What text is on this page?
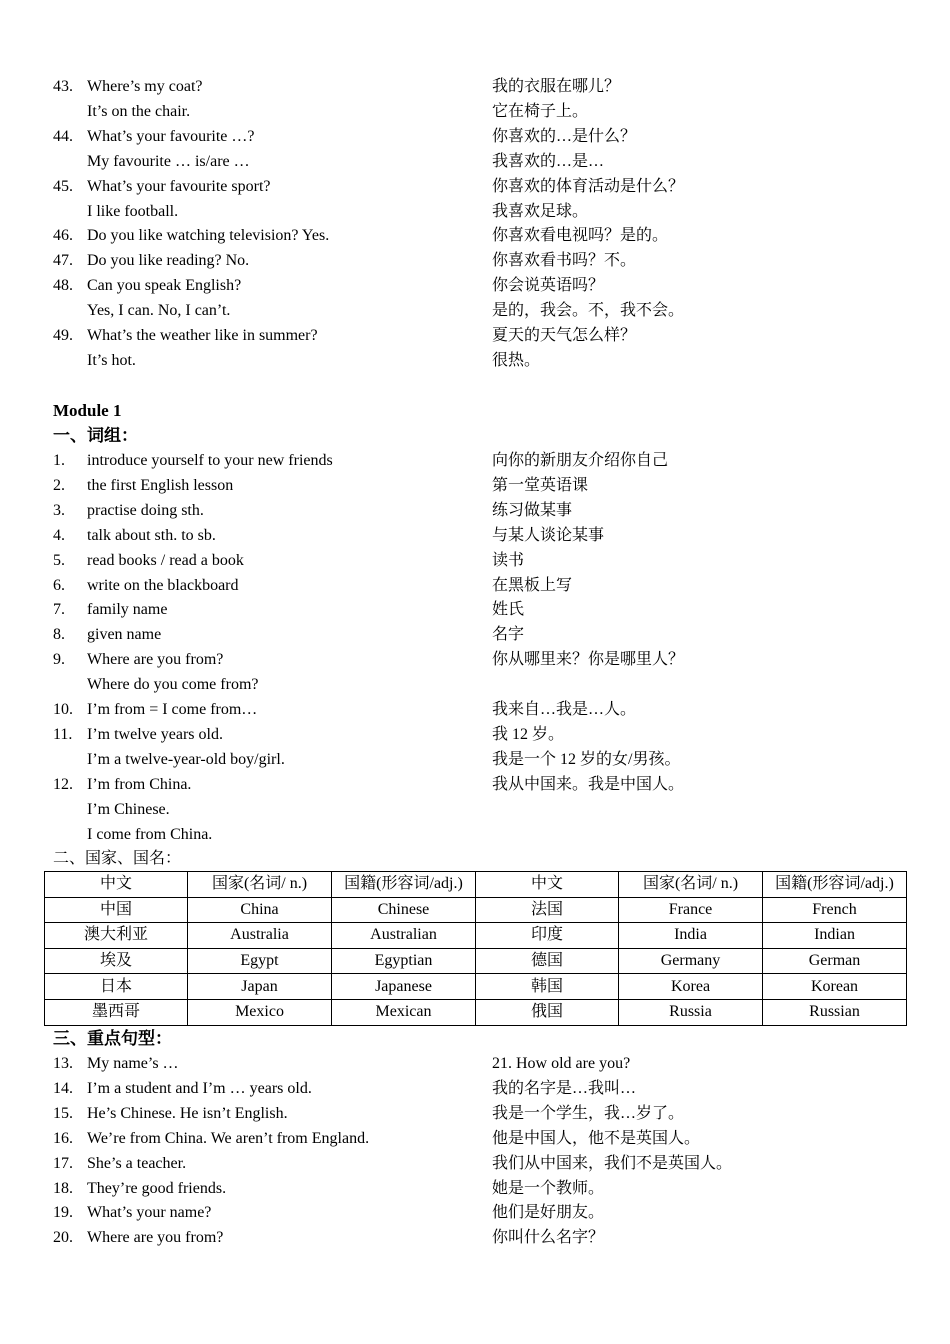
43. Where’s my coat?	我的衣服在哪儿？
It’s on the chair.	它在椅子上。
44. What’s your favourite …?	你喜欢的…是什么？
My favourite … is/are …	我喜欢的…是…
45. What’s your favourite sport?	你喜欢的体育活动是什么？
I like football.	我喜欢足球。
46. Do you like watching television? Yes.	你喜欢看电视吗？是的。
47. Do you like reading? No.	你喜欢看书吗？不。
48. Can you speak English?	你会说英语吗？
Yes, I can. No, I can’t.	是的，我会。不，我不会。
49. What’s the weather like in summer?	夏天的天气怎么样？
It’s hot.	很热。
Module 1
一、词组：
1. introduce yourself to your new friends	向你的新朋友介绍你自己
2. the first English lesson	第一堂英语课
3. practise doing sth.	练习做某事
4. talk about sth. to sb.	与某人谈论某事
5. read books / read a book	读书
6. write on the blackboard	在黑板上写
7. family name	姓氏
8. given name	名字
9. Where are you from?	你从哪里来？你是哪里人？
Where do you come from?
10. I’m from = I come from…	我来自…我是…人。
11. I’m twelve years old.	我 12 岁。
I’m a twelve-year-old boy/girl.	我是一个 12 岁的女/男孩。
12. I’m from China.	我从中国来。我是中国人。
I’m Chinese.
I come from China.
二、国家、国名：
中文	国家(名词/ n.)	国籍(形容词/adj.)	中文	国家(名词/ n.)	国籍(形容词/adj.)
中国	China	Chinese	法国	France	French
澳大利亚	Australia	Australian	印度	India	Indian
埃及	Egypt	Egyptian	德国	Germany	German
日本	Japan	Japanese	韩国	Korea	Korean
墨西哥	Mexico	Mexican	俄国	Russia	Russian
三、重点句型：
13. My name’s …	21. How old are you?
14. I’m a student and I’m … years old.	我的名字是…我叫…
15. He’s Chinese. He isn’t English.	我是一个学生，我…岁了。
16. We’re from China. We aren’t from England.	他是中国人，他不是英国人。
17. She’s a teacher.	我们从中国来，我们不是英国人。
18. They’re good friends.	她是一个教师。
19. What’s your name?	他们是好朋友。
20. Where are you from?	你叫什么名字？
